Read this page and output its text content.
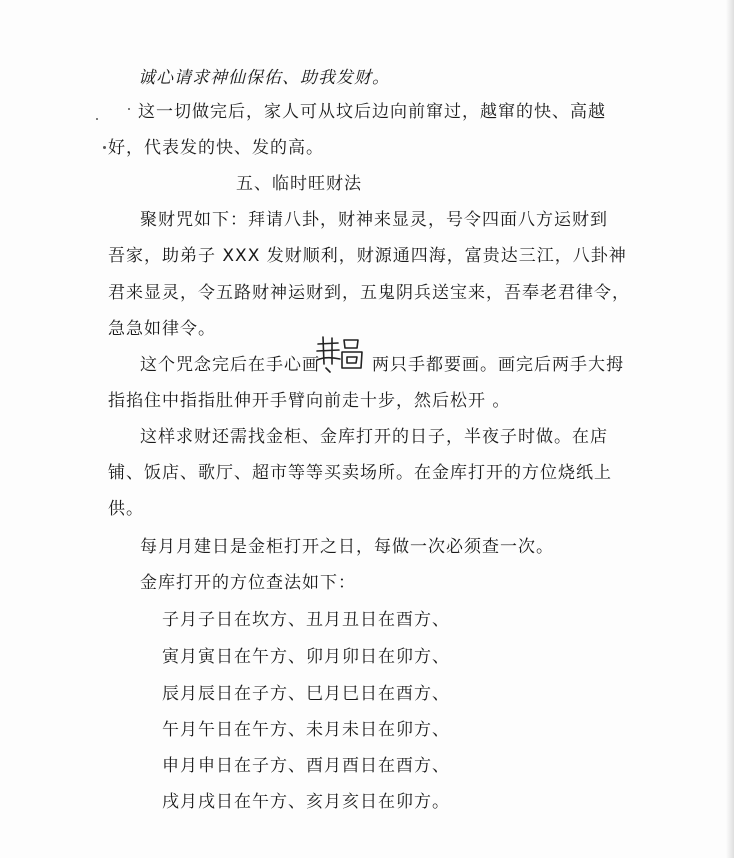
诚心请求神仙保佑、助我发财。
这一切做完后，家人可从坟后边向前窜过，越窜的快、高越
好，代表发的快、发的高。
五、临时旺财法
聚财咒如下：拜请八卦，财神来显灵，号令四面八方运财到
吾家，助弟子 XXX 发财顺利，财源通四海，富贵达三江，八卦神
君来显灵，令五路财神运财到，五鬼阴兵送宝来，吾奉老君律令，
急急如律令。
这个咒念完后在手心画	两只手都要画。画完后两手大拇
指掐住中指指肚伸开手臂向前走十步，然后松开 。
这样求财还需找金柜、金库打开的日子，半夜子时做。在店
铺、饭店、歌厅、超市等等买卖场所。在金库打开的方位烧纸上
供。
每月月建日是金柜打开之日，每做一次必须查一次。
金库打开的方位查法如下：
子月子日在坎方、丑月丑日在酉方、
寅月寅日在午方、卯月卯日在卯方、
辰月辰日在子方、巳月巳日在酉方、
午月午日在午方、未月未日在卯方、
申月申日在子方、酉月酉日在酉方、
戌月戌日在午方、亥月亥日在卯方。
